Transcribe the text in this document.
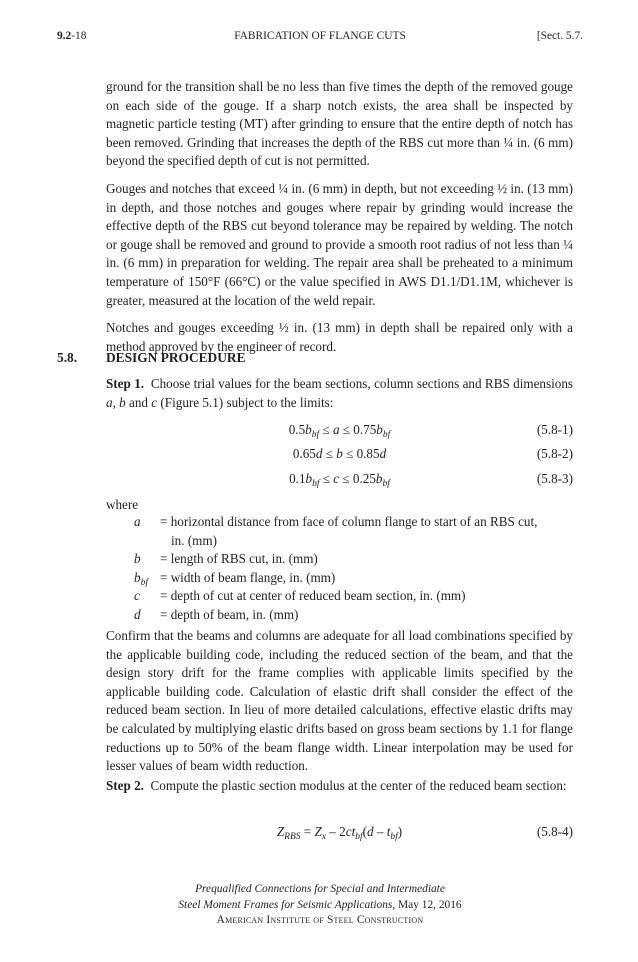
9.2-18	FABRICATION OF FLANGE CUTS	[Sect. 5.7.

ground for the transition shall be no less than five times the depth of the removed gouge on each side of the gouge. If a sharp notch exists, the area shall be inspected by magnetic particle testing (MT) after grinding to ensure that the entire depth of notch has been removed. Grinding that increases the depth of the RBS cut more than ¼ in. (6 mm) beyond the specified depth of cut is not permitted.

Gouges and notches that exceed ¼ in. (6 mm) in depth, but not exceeding ½ in. (13 mm) in depth, and those notches and gouges where repair by grinding would increase the effective depth of the RBS cut beyond tolerance may be repaired by welding. The notch or gouge shall be removed and ground to provide a smooth root radius of not less than ¼ in. (6 mm) in preparation for welding. The repair area shall be preheated to a minimum temperature of 150°F (66°C) or the value specified in AWS D1.1/D1.1M, whichever is greater, measured at the location of the weld repair.

Notches and gouges exceeding ½ in. (13 mm) in depth shall be repaired only with a method approved by the engineer of record.

5.8. DESIGN PROCEDURE
Step 1. Choose trial values for the beam sections, column sections and RBS dimensions a, b and c (Figure 5.1) subject to the limits:
$0.5b_{bf} \le a \le 0.75b_{bf}$	(5.8-1)
0.65d ≤ b ≤ 0.85d	(5.8-2)
$0.1b_{bf} \le c \le 0.25b_{bf}$	(5.8-3)
where
a	= horizontal distance from face of column flange to start of an RBS cut,
in. (mm)
b	= length of RBS cut, in. (mm)
$b_{bf}$ = width of beam flange, in. (mm)
c	= depth of cut at center of reduced beam section, in. (mm)
d	= depth of beam, in. (mm)
Confirm that the beams and columns are adequate for all load combinations specified by the applicable building code, including the reduced section of the beam, and that the design story drift for the frame complies with applicable limits specified by the applicable building code. Calculation of elastic drift shall consider the effect of the reduced beam section. In lieu of more detailed calculations, effective elastic drifts may be calculated by multiplying elastic drifts based on gross beam sections by 1.1 for flange reductions up to 50% of the beam flange width. Linear interpolation may be used for lesser values of beam width reduction.
Step 2. Compute the plastic section modulus at the center of the reduced beam section:
$Z_{RBS} = Z_x - 2ct_{bf}(d - t_{bf})$	(5.8-4)
Prequalified Connections for Special and Intermediate
Steel Moment Frames for Seismic Applications, May 12, 2016
American Institute of Steel Construction
